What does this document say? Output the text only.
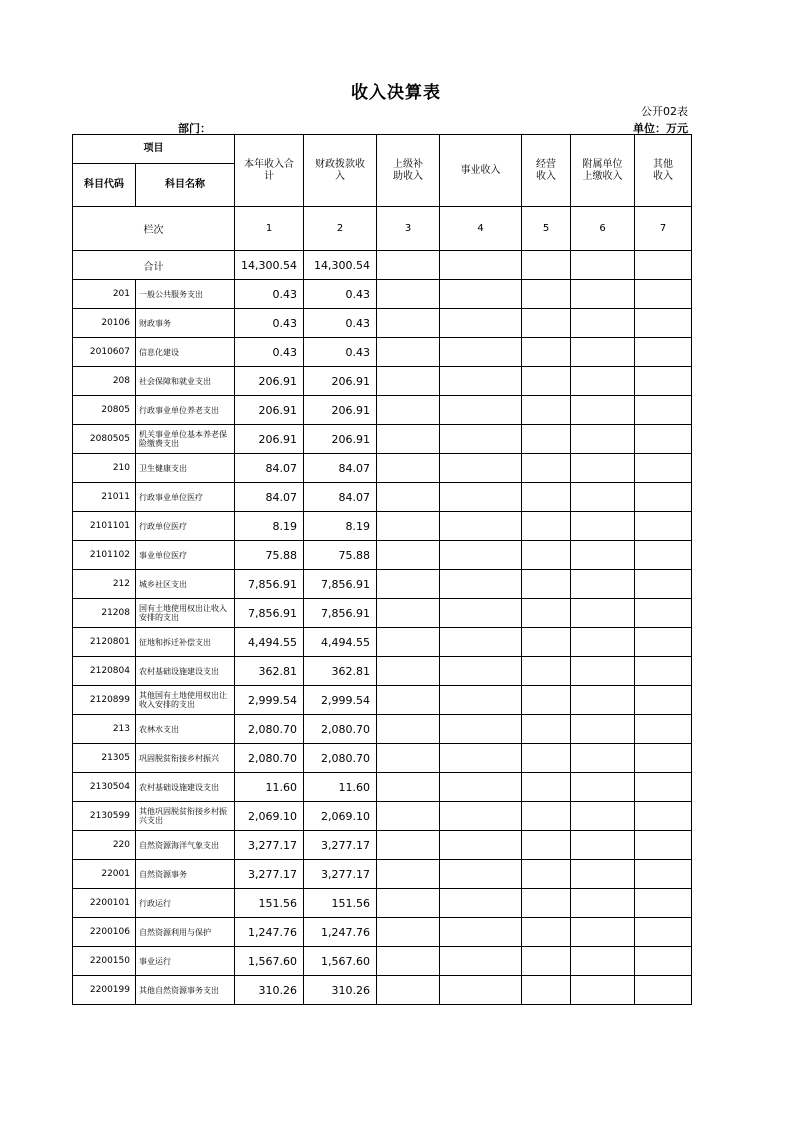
收入决算表
公开02表
部门：	单位：万元
项目		本年收入合计	财政拨款收入	上级补助收入	事业收入	经营收入	附属单位上缴收入	其他收入
科目代码	科目名称							
栏次		1	2	3	4	5	6	7
合计		14,300.54	14,300.54					
201	一般公共服务支出	0.43	0.43					
20106	财政事务	0.43	0.43					
2010607	信息化建设	0.43	0.43					
208	社会保障和就业支出	206.91	206.91					
20805	行政事业单位养老支出	206.91	206.91					
2080505	机关事业单位基本养老保险缴费支出	206.91	206.91					
210	卫生健康支出	84.07	84.07					
21011	行政事业单位医疗	84.07	84.07					
2101101	行政单位医疗	8.19	8.19					
2101102	事业单位医疗	75.88	75.88					
212	城乡社区支出	7,856.91	7,856.91					
21208	国有土地使用权出让收入安排的支出	7,856.91	7,856.91					
2120801	征地和拆迁补偿支出	4,494.55	4,494.55					
2120804	农村基础设施建设支出	362.81	362.81					
2120899	其他国有土地使用权出让收入安排的支出	2,999.54	2,999.54					
213	农林水支出	2,080.70	2,080.70					
21305	巩固脱贫衔接乡村振兴	2,080.70	2,080.70					
2130504	农村基础设施建设支出	11.60	11.60					
2130599	其他巩固脱贫衔接乡村振兴支出	2,069.10	2,069.10					
220	自然资源海洋气象支出	3,277.17	3,277.17					
22001	自然资源事务	3,277.17	3,277.17					
2200101	行政运行	151.56	151.56					
2200106	自然资源利用与保护	1,247.76	1,247.76					
2200150	事业运行	1,567.60	1,567.60					
2200199	其他自然资源事务支出	310.26	310.26					
